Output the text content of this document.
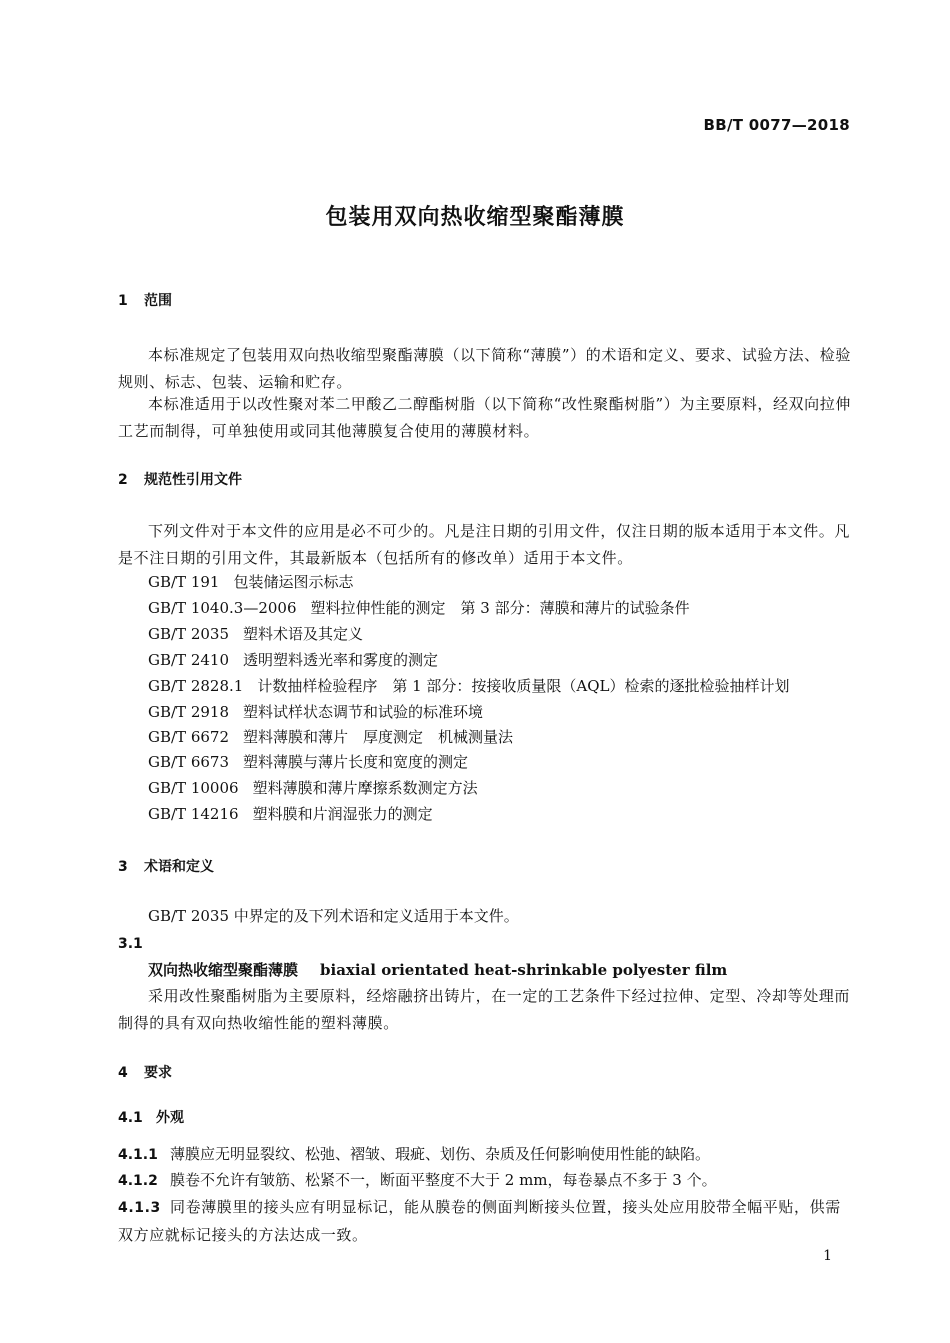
BB/T 0077—2018
包装用双向热收缩型聚酯薄膜
1 范围
本标准规定了包装用双向热收缩型聚酯薄膜（以下简称“薄膜”）的术语和定义、要求、试验方法、检验规则、标志、包装、运输和贮存。
本标准适用于以改性聚对苯二甲酸乙二醇酯树脂（以下简称“改性聚酯树脂”）为主要原料，经双向拉伸工艺而制得，可单独使用或同其他薄膜复合使用的薄膜材料。
2 规范性引用文件
下列文件对于本文件的应用是必不可少的。凡是注日期的引用文件，仅注日期的版本适用于本文件。凡是不注日期的引用文件，其最新版本（包括所有的修改单）适用于本文件。
GB/T 191 包装储运图示标志
GB/T 1040.3—2006 塑料拉伸性能的测定　第 3 部分：薄膜和薄片的试验条件
GB/T 2035 塑料术语及其定义
GB/T 2410 透明塑料透光率和雾度的测定
GB/T 2828.1 计数抽样检验程序　第 1 部分：按接收质量限（AQL）检索的逐批检验抽样计划
GB/T 2918 塑料试样状态调节和试验的标准环境
GB/T 6672 塑料薄膜和薄片　厚度测定　机械测量法
GB/T 6673 塑料薄膜与薄片长度和宽度的测定
GB/T 10006 塑料薄膜和薄片摩擦系数测定方法
GB/T 14216 塑料膜和片润湿张力的测定
3 术语和定义
GB/T 2035 中界定的及下列术语和定义适用于本文件。
3.1
双向热收缩型聚酯薄膜 biaxial orientated heat-shrinkable polyester film
采用改性聚酯树脂为主要原料，经熔融挤出铸片，在一定的工艺条件下经过拉伸、定型、冷却等处理而制得的具有双向热收缩性能的塑料薄膜。
4 要求
4.1 外观
4.1.1 薄膜应无明显裂纹、松弛、褶皱、瑕疵、划伤、杂质及任何影响使用性能的缺陷。
4.1.2 膜卷不允许有皱筋、松紧不一，断面平整度不大于 2 mm，每卷暴点不多于 3 个。
4.1.3 同卷薄膜里的接头应有明显标记，能从膜卷的侧面判断接头位置，接头处应用胶带全幅平贴，供需双方应就标记接头的方法达成一致。
1
